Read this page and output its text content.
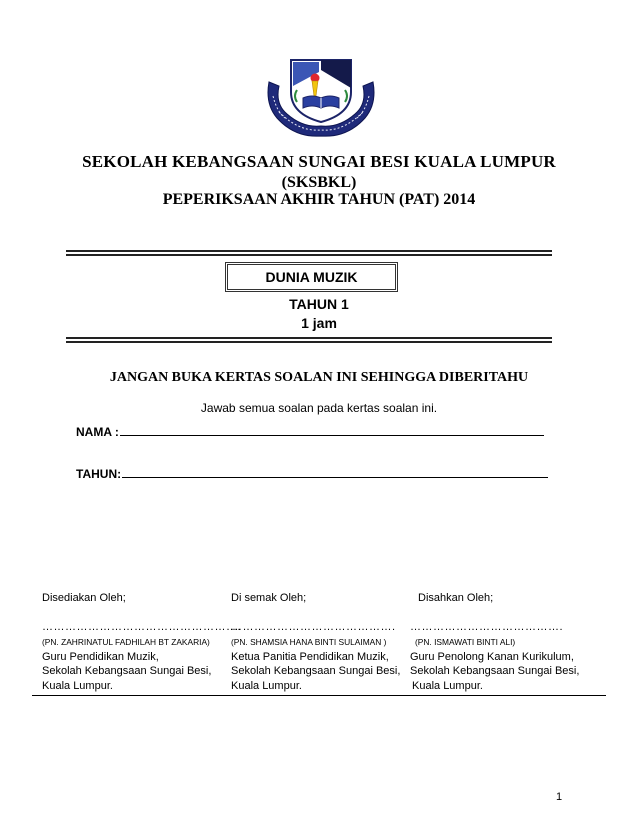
SEKOLAH KEBANGSAAN SUNGAI BESI KUALA LUMPUR
(SKSBKL)
PEPERIKSAAN AKHIR TAHUN (PAT) 2014
DUNIA MUZIK
TAHUN 1
1 jam
JANGAN BUKA KERTAS SOALAN INI SEHINGGA DIBERITAHU
Jawab semua soalan pada kertas soalan ini.
NAMA :
TAHUN:
Disediakan Oleh;
…………………………………………….
(PN. ZAHRINATUL FADHILAH BT ZAKARIA)
Guru Pendidikan Muzik,
Sekolah Kebangsaan Sungai Besi,
Kuala Lumpur.
Di semak Oleh;
…………………………………….
(PN. SHAMSIA HANA BINTI SULAIMAN )
Ketua Panitia Pendidikan Muzik,
Sekolah Kebangsaan Sungai Besi,
Kuala Lumpur.
Disahkan Oleh;
………………………………….
(PN. ISMAWATI BINTI ALI)
Guru Penolong Kanan Kurikulum,
Sekolah Kebangsaan Sungai Besi,
Kuala Lumpur.
1
